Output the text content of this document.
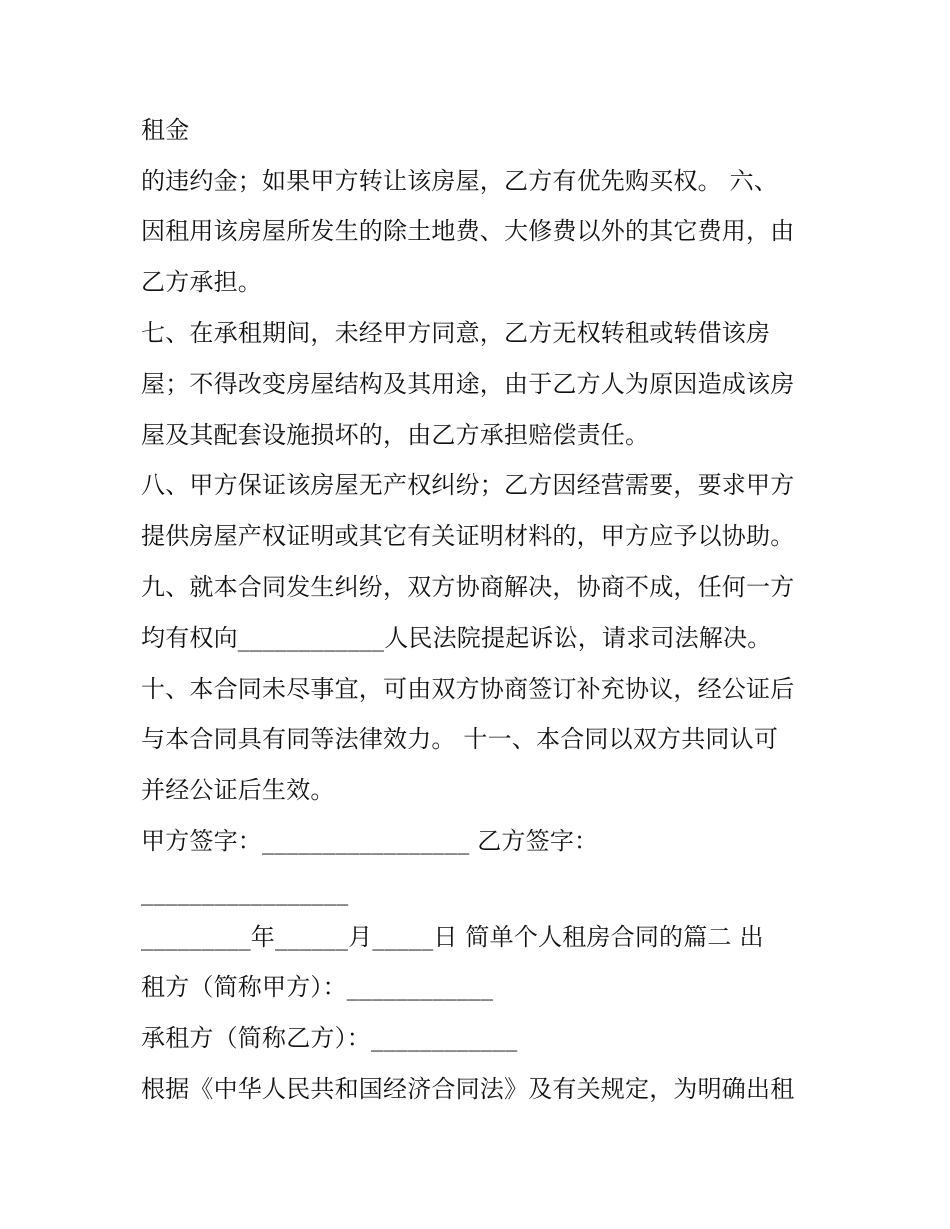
租金
的违约金；如果甲方转让该房屋，乙方有优先购买权。 六、
因租用该房屋所发生的除土地费、大修费以外的其它费用，由
乙方承担。
七、在承租期间，未经甲方同意，乙方无权转租或转借该房
屋；不得改变房屋结构及其用途，由于乙方人为原因造成该房
屋及其配套设施损坏的，由乙方承担赔偿责任。
八、甲方保证该房屋无产权纠纷；乙方因经营需要，要求甲方
提供房屋产权证明或其它有关证明材料的，甲方应予以协助。
九、就本合同发生纠纷，双方协商解决，协商不成，任何一方
均有权向____________人民法院提起诉讼，请求司法解决。
十、本合同未尽事宜，可由双方协商签订补充协议，经公证后
与本合同具有同等法律效力。 十一、本合同以双方共同认可
并经公证后生效。
甲方签字：_________________ 乙方签字：
_________________
_________年______月_____日 简单个人租房合同的篇二 出
租方（简称甲方）：____________
承租方（简称乙方）：____________
根据《中华人民共和国经济合同法》及有关规定，为明确出租
